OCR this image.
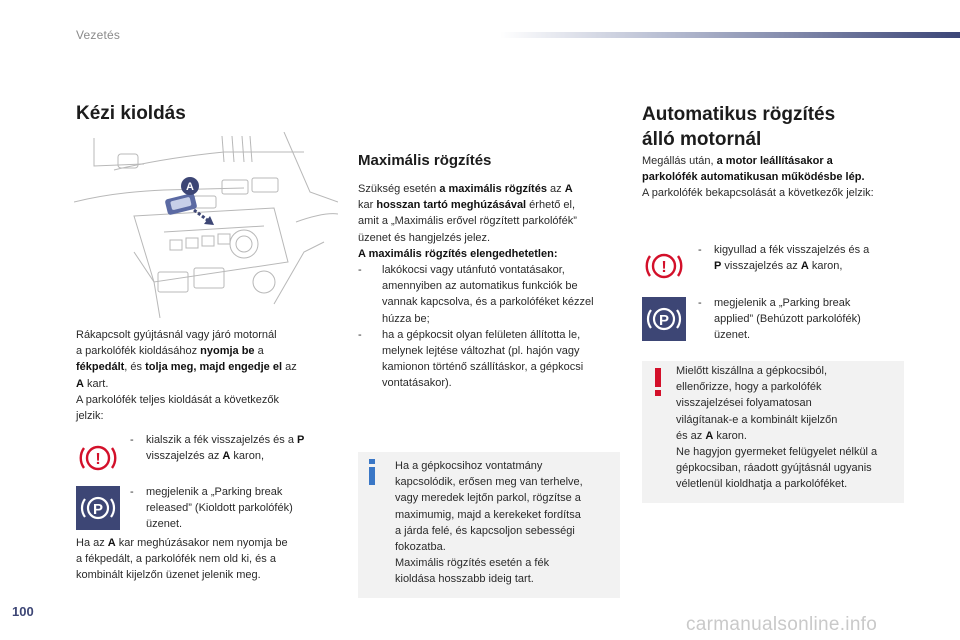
Vezetés
Kézi kioldás
A
Rákapcsolt gyújtásnál vagy járó motornál
a parkolófék kioldásához nyomja be a
fékpedált, és tolja meg, majd engedje el az
A kart.
A parkolófék teljes kioldását a következők
jelzik:
!
-	kialszik a fék visszajelzés és a P
visszajelzés az A karon,
P
-	megjelenik a „Parking break
released” (Kioldott parkolófék)
üzenet.
Ha az A kar meghúzásakor nem nyomja be
a fékpedált, a parkolófék nem old ki, és a
kombinált kijelzőn üzenet jelenik meg.
Maximális rögzítés
Szükség esetén a maximális rögzítés az A
kar hosszan tartó meghúzásával érhető el,
amit a „Maximális erővel rögzített parkolófék”
üzenet és hangjelzés jelez.
A maximális rögzítés elengedhetetlen:
-	lakókocsi vagy utánfutó vontatásakor,
amennyiben az automatikus funkciók be
vannak kapcsolva, és a parkolóféket kézzel
húzza be;
-	ha a gépkocsit olyan felületen állította le,
melynek lejtése változhat (pl. hajón vagy
kamionon történő szállításkor, a gépkocsi
vontatásakor).
Ha a gépkocsihoz vontatmány
kapcsolódik, erősen meg van terhelve,
vagy meredek lejtőn parkol, rögzítse a
maximumig, majd a kerekeket fordítsa
a járda felé, és kapcsoljon sebességi
fokozatba.
Maximális rögzítés esetén a fék
kioldása hosszabb ideig tart.
Automatikus rögzítés
álló motornál
Megállás után, a motor leállításakor a
parkolófék automatikusan működésbe lép.
A parkolófék bekapcsolását a következők jelzik:
!
-	kigyullad a fék visszajelzés és a
P visszajelzés az A karon,
P
-	megjelenik a „Parking break
applied” (Behúzott parkolófék)
üzenet.
Mielőtt kiszállna a gépkocsiból,
ellenőrizze, hogy a parkolófék
visszajelzései folyamatosan
világítanak-e a kombinált kijelzőn
és az A karon.
Ne hagyjon gyermeket felügyelet nélkül a
gépkocsiban, ráadott gyújtásnál ugyanis
véletlenül kioldhatja a parkolóféket.
100
carmanualsonline.info
